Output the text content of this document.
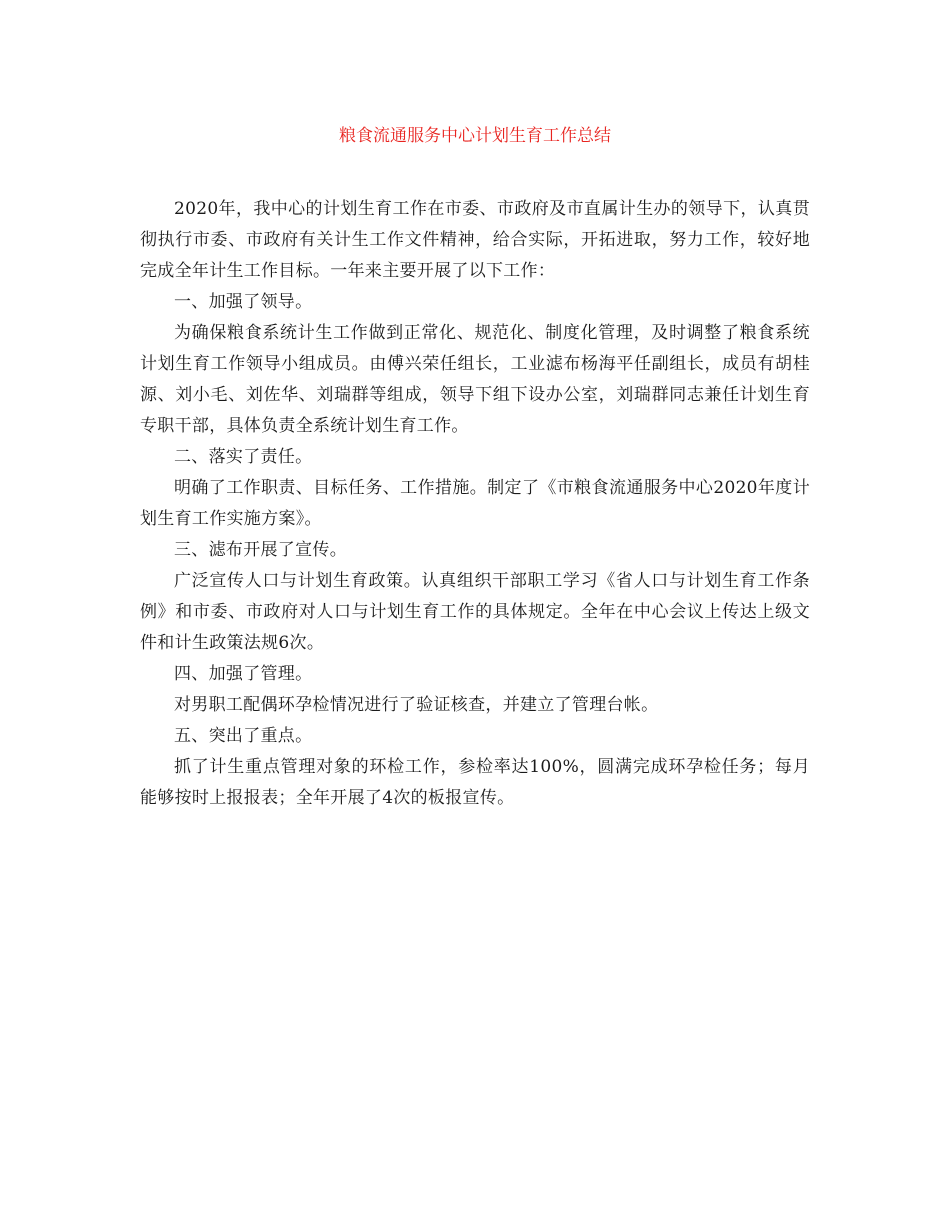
粮食流通服务中心计划生育工作总结

2020年，我中心的计划生育工作在市委、市政府及市直属计生办的领导下，认真贯彻执行市委、市政府有关计生工作文件精神，给合实际，开拓进取，努力工作，较好地完成全年计生工作目标。一年来主要开展了以下工作：

一、加强了领导。

为确保粮食系统计生工作做到正常化、规范化、制度化管理，及时调整了粮食系统计划生育工作领导小组成员。由傅兴荣任组长，工业滤布杨海平任副组长，成员有胡桂源、刘小毛、刘佐华、刘瑞群等组成，领导下组下设办公室，刘瑞群同志兼任计划生育专职干部，具体负责全系统计划生育工作。

二、落实了责任。

明确了工作职责、目标任务、工作措施。制定了《市粮食流通服务中心2020年度计划生育工作实施方案》。

三、滤布开展了宣传。

广泛宣传人口与计划生育政策。认真组织干部职工学习《省人口与计划生育工作条例》和市委、市政府对人口与计划生育工作的具体规定。全年在中心会议上传达上级文件和计生政策法规6次。

四、加强了管理。

对男职工配偶环孕检情况进行了验证核查，并建立了管理台帐。

五、突出了重点。

抓了计生重点管理对象的环检工作，参检率达100%，圆满完成环孕检任务；每月能够按时上报报表；全年开展了4次的板报宣传。
